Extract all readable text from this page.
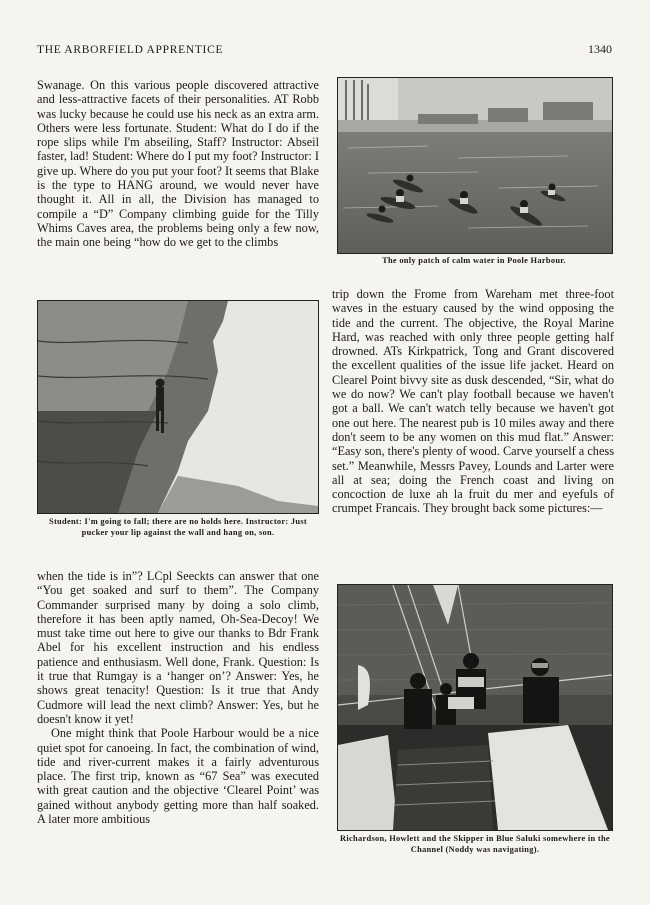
THE ARBORFIELD APPRENTICE	1340

Swanage. On this various people discovered attractive and less-attractive facets of their personalities. AT Robb was lucky because he could use his neck as an extra arm. Others were less fortunate. Student: What do I do if the rope slips while I'm abseiling, Staff? Instructor: Abseil faster, lad! Student: Where do I put my foot? Instructor: I give up. Where do you put your foot? It seems that Blake is the type to HANG around, we would never have thought it. All in all, the Division has managed to compile a “D” Company climbing guide for the Tilly Whims Caves area, the problems being only a few now, the main one being “how do we get to the climbs

The only patch of calm water in Poole Harbour.

trip down the Frome from Wareham met three-foot waves in the estuary caused by the wind opposing the tide and the current. The objective, the Royal Marine Hard, was reached with only three people getting half drowned. ATs Kirkpatrick, Tong and Grant discovered the excellent qualities of the issue life jacket. Heard on Clearel Point bivvy site as dusk descended, “Sir, what do we do now? We can't play football because we haven't got a ball. We can't watch telly because we haven't got one out here. The nearest pub is 10 miles away and there don't seem to be any women on this mud flat.” Answer: “Easy son, there's plenty of wood. Carve yourself a chess set.” Meanwhile, Messrs Pavey, Lounds and Larter were all at sea; doing the French coast and living on concoction de luxe ah la fruit du mer and eyefuls of crumpet Francais. They brought back some pictures:—

Student: I'm going to fall; there are no holds here. Instructor: Just pucker your lip against the wall and hang on, son.

when the tide is in”? LCpl Seeckts can answer that one “You get soaked and surf to them”. The Company Commander surprised many by doing a solo climb, therefore it has been aptly named, Oh-Sea-Decoy! We must take time out here to give our thanks to Bdr Frank Abel for his excellent instruction and his endless patience and enthusiasm. Well done, Frank. Question: Is it true that Rumgay is a ‘hanger on’? Answer: Yes, he shows great tenacity! Question: Is it true that Andy Cudmore will lead the next climb? Answer: Yes, but he doesn't know it yet!

One might think that Poole Harbour would be a nice quiet spot for canoeing. In fact, the combination of wind, tide and river-current makes it a fairly adventurous place. The first trip, known as “67 Sea” was executed with great caution and the objective ‘Clearel Point’ was gained without anybody getting more than half soaked. A later more ambitious

Richardson, Howlett and the Skipper in Blue Saluki somewhere in the Channel (Noddy was navigating).
